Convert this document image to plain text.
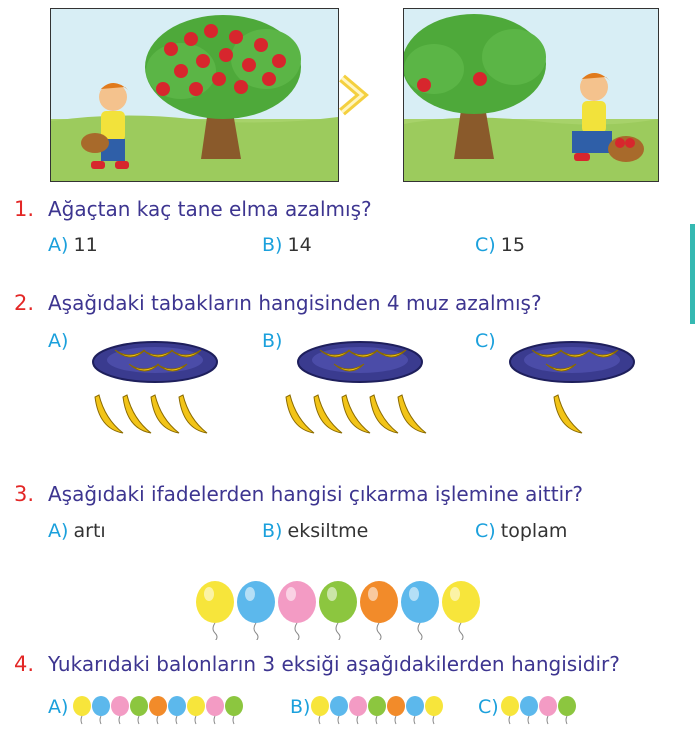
1. Ağaçtan kaç tane elma azalmış?
A) 11	B) 14	C) 15
2. Aşağıdaki tabakların hangisinden 4 muz azalmış?
A)	B)	C)
3. Aşağıdaki ifadelerden hangisi çıkarma işlemine aittir?
A) artı	B) eksiltme	C) toplam
4. Yukarıdaki balonların 3 eksiği aşağıdakilerden hangisidir?
A)	B)	C)
